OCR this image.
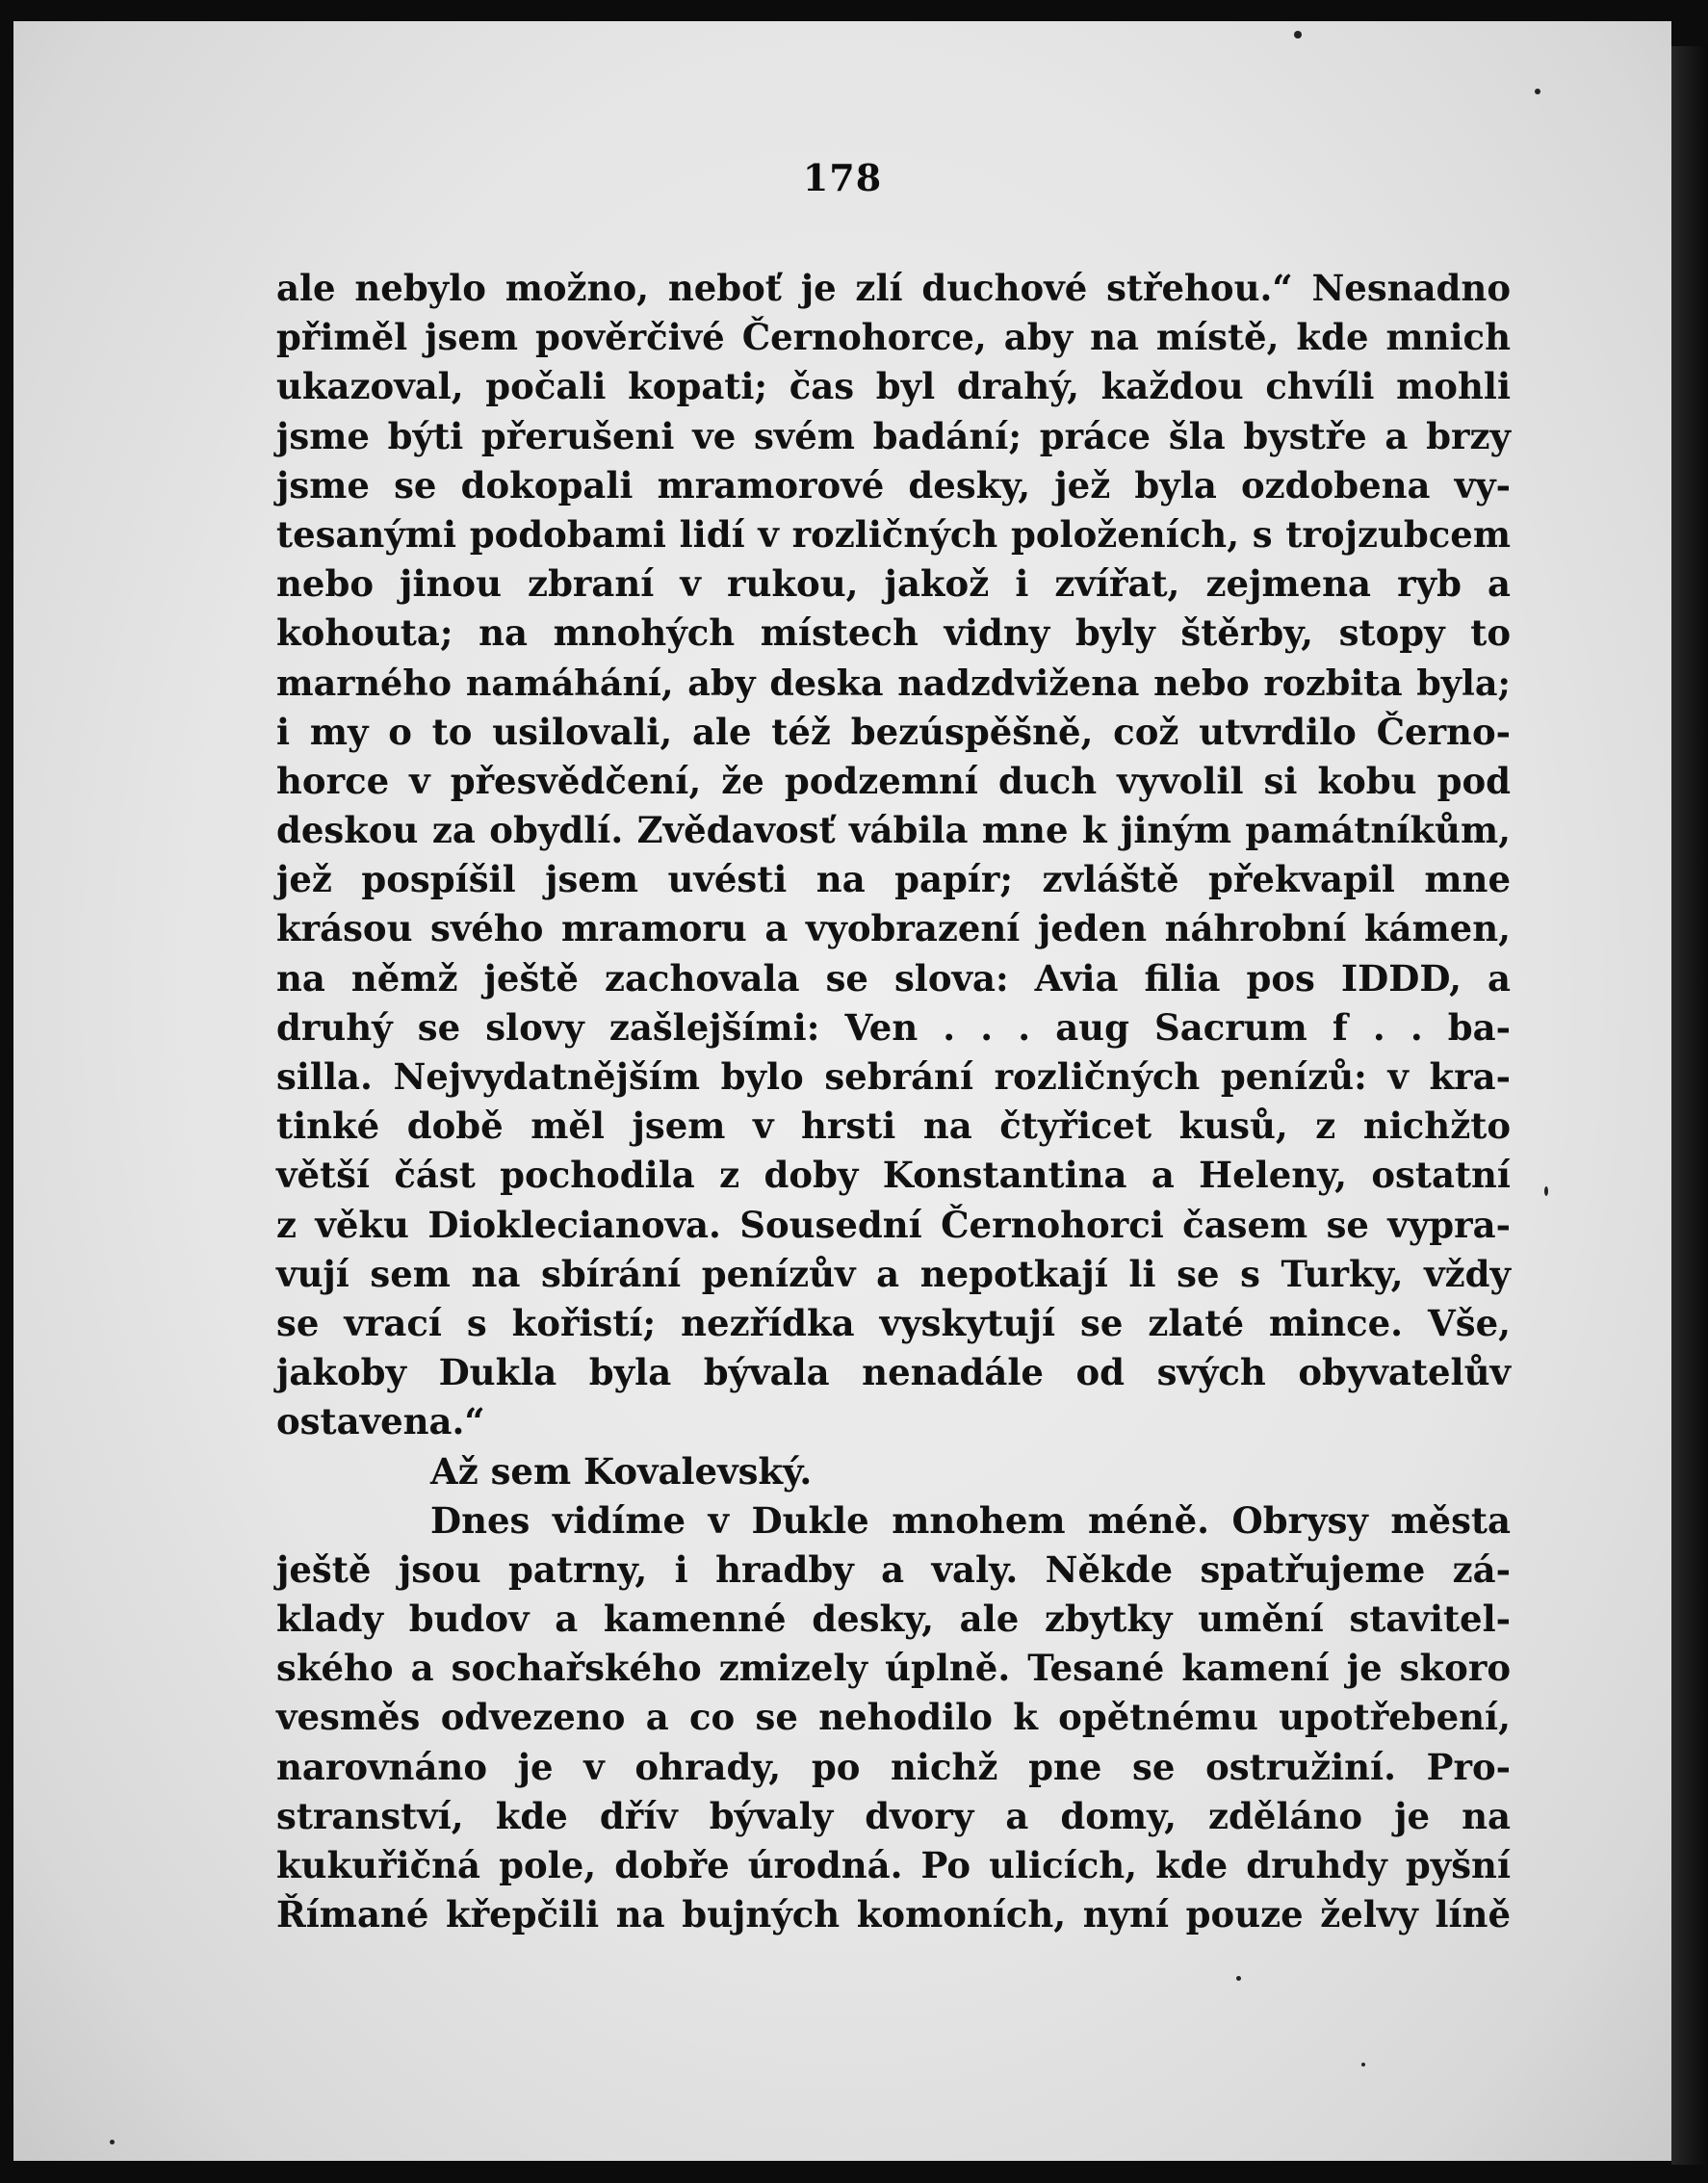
178
ale nebylo možno, neboť je zlí duchové střehou.“ Nesnadno
přiměl jsem pověrčivé Černohorce, aby na místě, kde mnich
ukazoval, počali kopati; čas byl drahý, každou chvíli mohli
jsme býti přerušeni ve svém badání; práce šla bystře a brzy
jsme se dokopali mramorové desky, jež byla ozdobena vy-
tesanými podobami lidí v rozličných položeních, s trojzubcem
nebo jinou zbraní v rukou, jakož i zvířat, zejmena ryb a
kohouta; na mnohých místech vidny byly štěrby, stopy to
marného namáhání, aby deska nadzdvižena nebo rozbita byla;
i my o to usilovali, ale též bezúspěšně, což utvrdilo Černo-
horce v přesvědčení, že podzemní duch vyvolil si kobu pod
deskou za obydlí. Zvědavosť vábila mne k jiným památníkům,
jež pospíšil jsem uvésti na papír; zvláště překvapil mne
krásou svého mramoru a vyobrazení jeden náhrobní kámen,
na němž ještě zachovala se slova: Avia filia pos IDDD, a
druhý se slovy zašlejšími: Ven . . . aug Sacrum f . . ba-
silla. Nejvydatnějším bylo sebrání rozličných penízů: v kra-
tinké době měl jsem v hrsti na čtyřicet kusů, z nichžto
větší část pochodila z doby Konstantina a Heleny, ostatní
z věku Dioklecianova. Sousední Černohorci časem se vypra-
vují sem na sbírání penízův a nepotkají li se s Turky, vždy
se vrací s kořistí; nezřídka vyskytují se zlaté mince. Vše,
jakoby Dukla byla bývala nenadále od svých obyvatelův
ostavena.“
Až sem Kovalevský.
Dnes vidíme v Dukle mnohem méně. Obrysy města
ještě jsou patrny, i hradby a valy. Někde spatřujeme zá-
klady budov a kamenné desky, ale zbytky umění stavitel-
ského a sochařského zmizely úplně. Tesané kamení je skoro
vesměs odvezeno a co se nehodilo k opětnému upotřebení,
narovnáno je v ohrady, po nichž pne se ostružiní. Pro-
stranství, kde dřív bývaly dvory a domy, zděláno je na
kukuřičná pole, dobře úrodná. Po ulicích, kde druhdy pyšní
Římané křepčili na bujných komoních, nyní pouze želvy líně
